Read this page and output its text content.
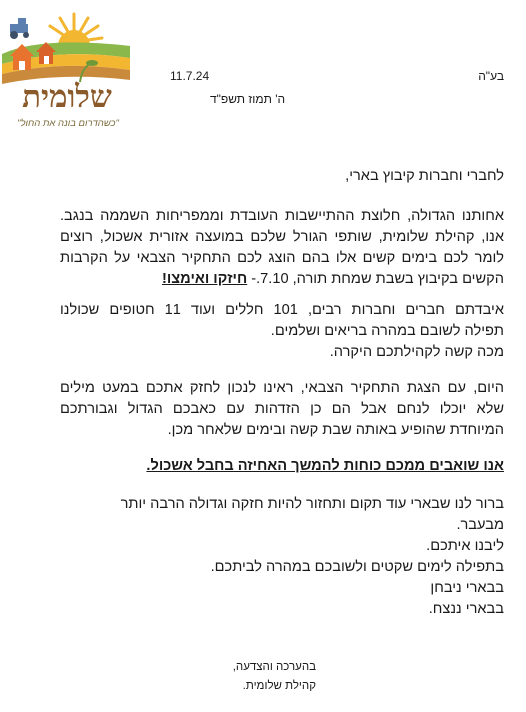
שלומית
"כשהדרום בונה את החול"
11.7.24
ה' תמוז תשפ"ד
בע"ה

לחברי וחברות קיבוץ בארי,

אחותנו הגדולה, חלוצת ההתיישבות העובדת וממפריחות השממה בנגב.
אנו, קהילת שלומית, שותפי הגורל שלכם במועצה אזורית אשכול, רוצים
לומר לכם בימים קשים אלו בהם הוצג לכם התחקיר הצבאי על הקרבות
הקשים בקיבוץ בשבת שמחת תורה, 7.10.- חיזקו ואימצו!

איבדתם חברים וחברות רבים, 101 חללים ועוד 11 חטופים שכולנו
תפילה לשובם במהרה בריאים ושלמים.
מכה קשה לקהילתכם היקרה.

היום, עם הצגת התחקיר הצבאי, ראינו לנכון לחזק אתכם במעט מילים
שלא יוכלו לנחם אבל הם כן הזדהות עם כאבכם הגדול וגבורתכם
המיוחדת שהופיע באותה שבת קשה ובימים שלאחר מכן.

אנו שואבים ממכם כוחות להמשך האחיזה בחבל אשכול.

ברור לנו שבארי עוד תקום ותחזור להיות חזקה וגדולה הרבה יותר
מבעבר.
ליבנו איתכם.
בתפילה לימים שקטים ולשובכם במהרה לביתכם.

בבארי ניבחן
בבארי ננצח.

בהערכה והצדעה,
קהילת שלומית.
